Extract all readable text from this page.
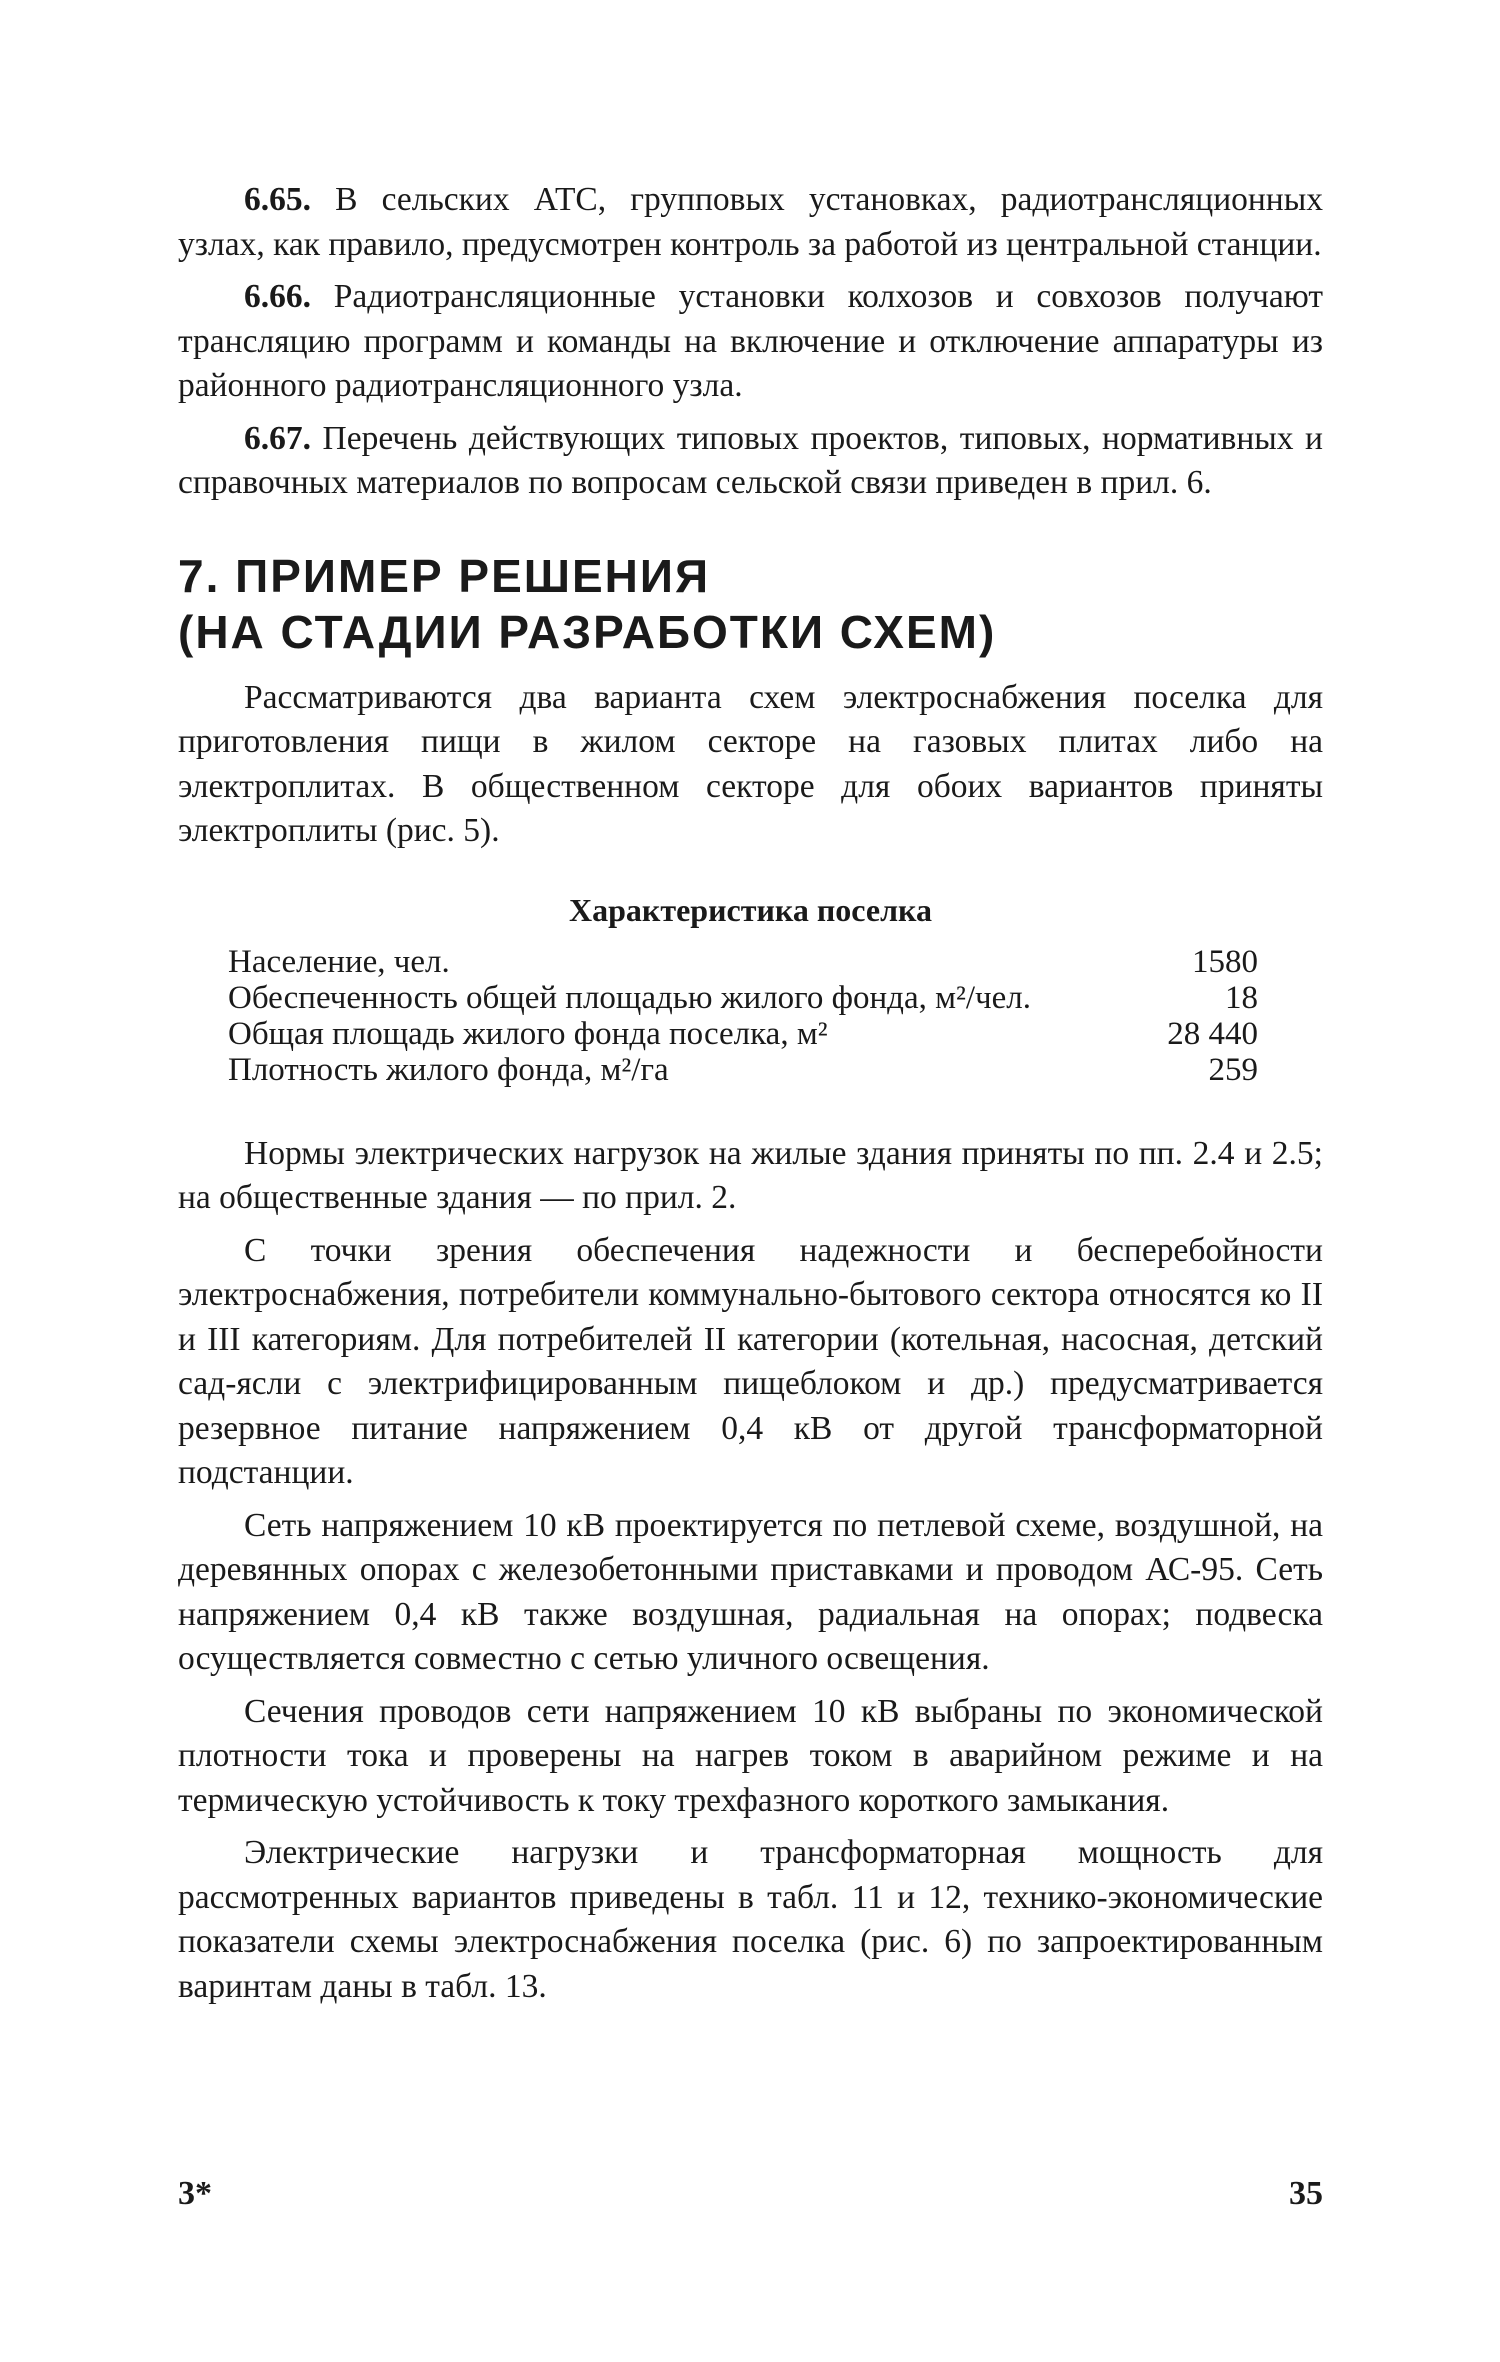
6.65. В сельских АТС, групповых установках, радиотрансляционных узлах, как правило, предусмотрен контроль за работой из центральной станции.

6.66. Радиотрансляционные установки колхозов и совхозов получают трансляцию программ и команды на включение и отключение аппаратуры из районного радиотрансляционного узла.

6.67. Перечень действующих типовых проектов, типовых, нормативных и справочных материалов по вопросам сельской связи приведен в прил. 6.

7. ПРИМЕР РЕШЕНИЯ
(НА СТАДИИ РАЗРАБОТКИ СХЕМ)

Рассматриваются два варианта схем электроснабжения поселка для приготовления пищи в жилом секторе на газовых плитах либо на электроплитах. В общественном секторе для обоих вариантов приняты электроплиты (рис. 5).

Характеристика поселка
Население, чел.	1580
Обеспеченность общей площадью жилого фонда, м²/чел.	18
Общая площадь жилого фонда поселка, м²	28 440
Плотность жилого фонда, м²/га	259

Нормы электрических нагрузок на жилые здания приняты по пп. 2.4 и 2.5; на общественные здания — по прил. 2.

С точки зрения обеспечения надежности и бесперебойности электроснабжения, потребители коммунально-бытового сектора относятся ко II и III категориям. Для потребителей II категории (котельная, насосная, детский сад-ясли с электрифицированным пищеблоком и др.) предусматривается резервное питание напряжением 0,4 кВ от другой трансформаторной подстанции.

Сеть напряжением 10 кВ проектируется по петлевой схеме, воздушной, на деревянных опорах с железобетонными приставками и проводом АС-95. Сеть напряжением 0,4 кВ также воздушная, радиальная на опорах; подвеска осуществляется совместно с сетью уличного освещения.

Сечения проводов сети напряжением 10 кВ выбраны по экономической плотности тока и проверены на нагрев током в аварийном режиме и на термическую устойчивость к току трехфазного короткого замыкания.

Электрические нагрузки и трансформаторная мощность для рассмотренных вариантов приведены в табл. 11 и 12, технико-экономические показатели схемы электроснабжения поселка (рис. 6) по запроектированным варинтам даны в табл. 13.

3*	35
